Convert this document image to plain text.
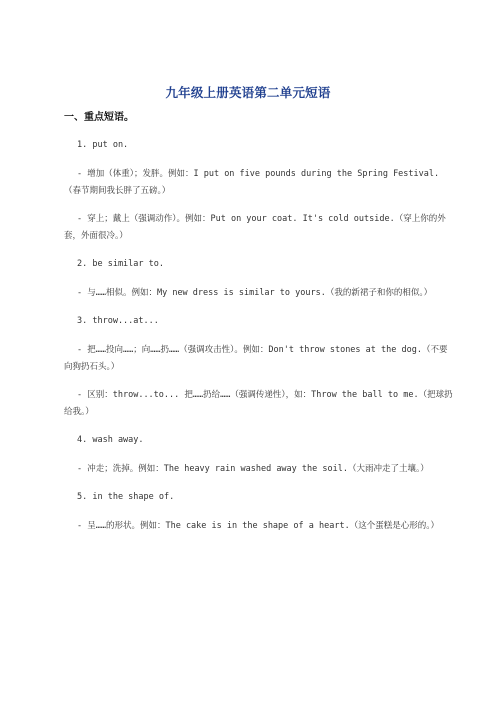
九年级上册英语第二单元短语
一、重点短语。

1. put on.

- 增加（体重）；发胖。例如：I put on five pounds during the Spring Festival.（春节期间我长胖了五磅。）

- 穿上；戴上（强调动作）。例如：Put on your coat. It's cold outside.（穿上你的外套，外面很冷。）

2. be similar to.

- 与……相似。例如：My new dress is similar to yours.（我的新裙子和你的相似。）

3. throw...at...

- 把……投向……；向……扔……（强调攻击性）。例如：Don't throw stones at the dog.（不要向狗扔石头。）

- 区别：throw...to... 把……扔给……（强调传递性），如：Throw the ball to me.（把球扔给我。）

4. wash away.

- 冲走；洗掉。例如：The heavy rain washed away the soil.（大雨冲走了土壤。）

5. in the shape of.

- 呈……的形状。例如：The cake is in the shape of a heart.（这个蛋糕是心形的。）
